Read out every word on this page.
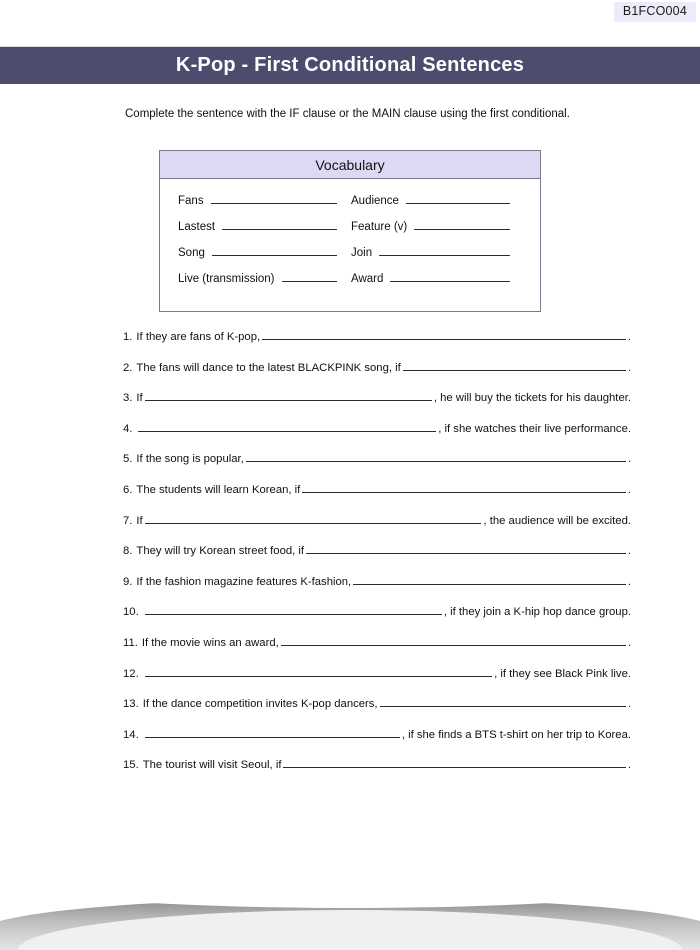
B1FCO004
K-Pop - First Conditional Sentences
Complete the sentence with the IF clause or the MAIN clause using the first conditional.
Vocabulary
Fans	Audience
Lastest	Feature (v)
Song	Join
Live (transmission)	Award
1. If they are fans of K-pop,	.
2. The fans will dance to the latest BLACKPINK song, if	.
3. If	, he will buy the tickets for his daughter.
4.	, if she watches their live performance.
5. If the song is popular,	.
6. The students will learn Korean, if	.
7. If	, the audience will be excited.
8. They will try Korean street food, if	.
9. If the fashion magazine features K-fashion,	.
10.	, if they join a K-hip hop dance group.
11. If the movie wins an award,	.
12.	, if they see Black Pink live.
13. If the dance competition invites K-pop dancers,	.
14.	, if she finds a BTS t-shirt on her trip to Korea.
15. The tourist will visit Seoul, if	.
